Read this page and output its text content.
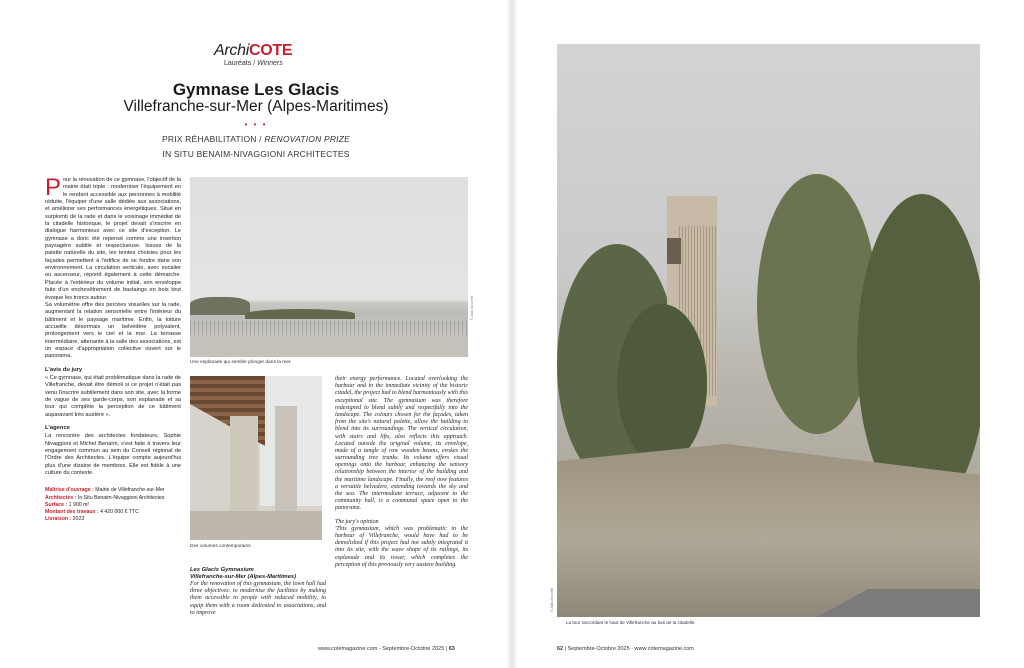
ArchiCOTE
Lauréats / Winners
Gymnase Les Glacis
Villefranche-sur-Mer (Alpes-Maritimes)
• • •
PRIX RÉHABILITATION / RENOVATION PRIZE
IN SITU BENAIM-NIVAGGIONI ARCHITECTES

Pour la rénovation de ce gymnase, l'objectif de la mairie était triple : moderniser l'équipement en le rendant accessible aux personnes à mobilité réduite, l'équiper d'une salle dédiée aux associations, et améliorer ses performances énergétiques. Situé en surplomb de la rade et dans le voisinage immédiat de la citadelle historique, le projet devait s'inscrire en dialogue harmonieux avec ce site d'exception. Le gymnase a donc été repensé comme une insertion paysagère subtile et respectueuse. Issues de la palette naturelle du site, les teintes choisies pour les façades permettent à l'édifice de se fondre dans son environnement. La circulation verticale, avec escalier ou ascenseur, répond également à cette démarche. Placée à l'extérieur du volume initial, son enveloppe faite d'un enchevêtrement de bastaings en bois brut évoque les troncs autour.

Sa volumétrie offre des percées visuelles sur la rade, augmentant la relation sensorielle entre l'intérieur du bâtiment et le paysage maritime. Enfin, la toiture accueille désormais un belvédère polyvalent, prolongement vers le ciel et la mer. La terrasse intermédiaire, attenante à la salle des associations, est un espace d'appropriation collective ouvert sur le panorama.

L'avis du jury

« Ce gymnase, qui était problématique dans la rade de Villefranche, devait être démoli si ce projet n'était pas venu l'inscrire subtilement dans son site, avec la forme de vague de ses garde-corps, son esplanade et sa tour qui complète la perception de ce bâtiment auparavant très austère ».

L'agence

La rencontre des architectes fondateurs, Sophie Nivaggioni et Michel Benaïm, s'est faite à travers leur engagement commun au sein du Conseil régional de l'Ordre des Architectes. L'équipe compte aujourd'hui plus d'une dizaine de membres. Elle est fidèle à une culture du contexte.

Maîtrise d'ouvrage : Mairie de Villefranche-sur-Mer
Architectes : In Situ Benaim-Nivaggioni Architectes
Surface : 1 900 m²
Montant des travaux : 4 420 000 € TTC
Livraison : 2023
Une esplanade qui semble plonger dans la mer.
© Aldo Amoretti
Des volumes contemporains.
Les Glacis Gymnasium
Villefranche-sur-Mer (Alpes-Maritimes)
For the renovation of this gymnasium, the town hall had three objectives: to modernise the facilities by making them accessible to people with reduced mobility, to equip them with a room dedicated to associations, and to improve

their energy performance. Located overlooking the harbour and in the immediate vicinity of the historic citadel, the project had to blend harmoniously with this exceptional site. The gymnasium was therefore redesigned to blend subtly and respectfully into the landscape. The colours chosen for the façades, taken from the site's natural palette, allow the building to blend into its surroundings. The vertical circulation, with stairs and lifts, also reflects this approach. Located outside the original volume, its envelope, made of a tangle of raw wooden beams, evokes the surrounding tree trunks. Its volume offers visual openings onto the harbour, enhancing the sensory relationship between the interior of the building and the maritime landscape. Finally, the roof now features a versatile belvedere, extending towards the sky and the sea. The intermediate terrace, adjacent to the community hall, is a communal space open to the panorama.

The jury's opinion

'This gymnasium, which was problematic in the harbour of Villefranche, would have had to be demolished if this project had not subtly integrated it into its site, with the wave shape of its railings, its esplanade and its tower, which completes the perception of this previously very austere building.

www.cotemagazine.com - Septembre-Octobre 2025 | 63	62 | Septembre-Octobre 2025 - www.cotemagazine.com
La tour raccordant le haut de Villefranche au bas de la citadelle.
© Aldo Amoretti
